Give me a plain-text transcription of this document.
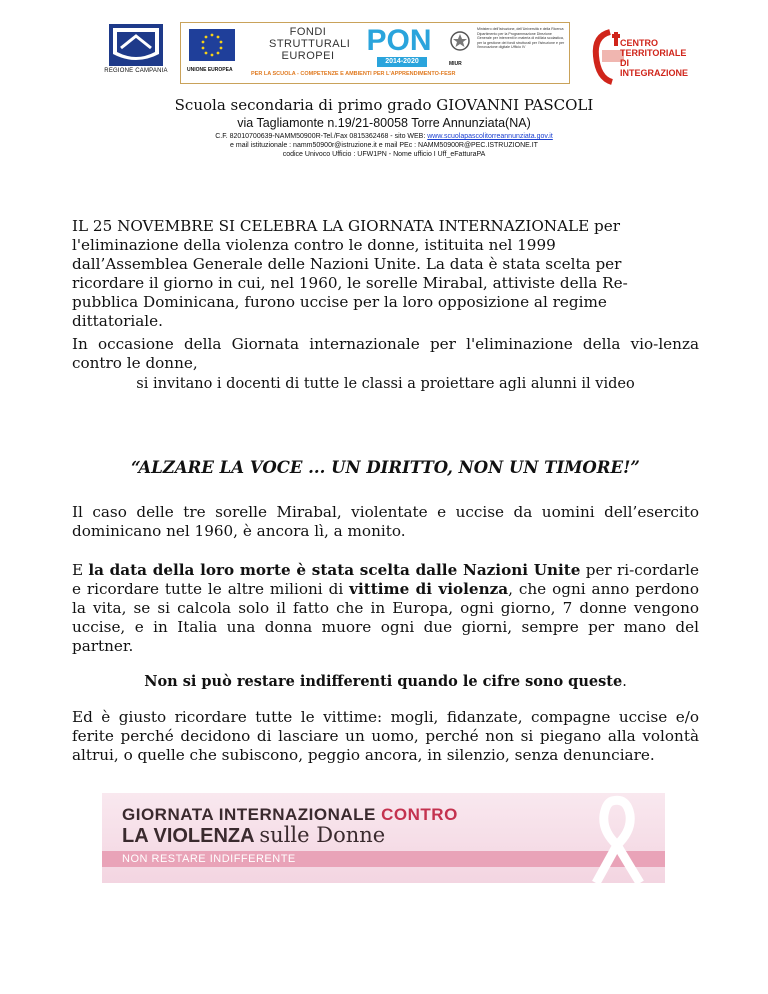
REGIONE CAMPANIA	UNIONE EUROPEA
FONDI
STRUTTURALI
EUROPEI	PON
2014-2020
PER LA SCUOLA - COMPETENZE E AMBIENTI PER L'APPRENDIMENTO-FESR
MIUR
Ministero dell'Istruzione, dell'Università e della Ricerca Dipartimento per la Programmazione Direzione Generale per interventi in materia di edilizia scolastica, per la gestione dei fondi strutturali per l'istruzione e per l'innovazione digitale Ufficio IV	CENTRO
TERRITORIALE
DI INTEGRAZIONE
Scuola secondaria di primo grado GIOVANNI PASCOLI
via Tagliamonte n.19/21-80058 Torre Annunziata(NA)
C.F. 82010700639-NAMM50900R-Tel./Fax 0815362468 - sito WEB: www.scuolapascolitorreannunziata.gov.it
e mail istituzionale : namm50900r@istruzione.it e mail PEc : NAMM50900R@PEC.ISTRUZIONE.IT
codice Univoco Ufficio : UFW1PN - Nome ufficio I Uff_eFatturaPA
IL 25 NOVEMBRE SI CELEBRA LA GIORNATA INTERNAZIONALE per
l'eliminazione della violenza contro le donne, istituita nel 1999
dall’Assemblea Generale delle Nazioni Unite. La data è stata scelta per
ricordare il giorno in cui, nel 1960, le sorelle Mirabal, attiviste della Re-
pubblica Dominicana, furono uccise per la loro opposizione al regime
dittatoriale.
In occasione della Giornata internazionale per l'eliminazione della vio-lenza contro le donne,
si invitano i docenti di tutte le classi a proiettare agli alunni il video
“ALZARE LA VOCE ... UN DIRITTO, NON UN TIMORE!”
Il caso delle tre sorelle Mirabal, violentate e uccise da uomini dell’esercito dominicano nel 1960, è ancora lì, a monito.
E la data della loro morte è stata scelta dalle Nazioni Unite per ri-cordarle e ricordare tutte le altre milioni di vittime di violenza, che ogni anno perdono la vita, se si calcola solo il fatto che in Europa, ogni giorno, 7 donne vengono uccise, e in Italia una donna muore ogni due giorni, sempre per mano del partner.
Non si può restare indifferenti quando le cifre sono queste.
Ed è giusto ricordare tutte le vittime: mogli, fidanzate, compagne uccise e/o ferite perché decidono di lasciare un uomo, perché non si piegano alla volontà altrui, o quelle che subiscono, peggio ancora, in silenzio, senza denunciare.
GIORNATA INTERNAZIONALE CONTRO
LA VIOLENZA sulle Donne
NON RESTARE INDIFFERENTE
